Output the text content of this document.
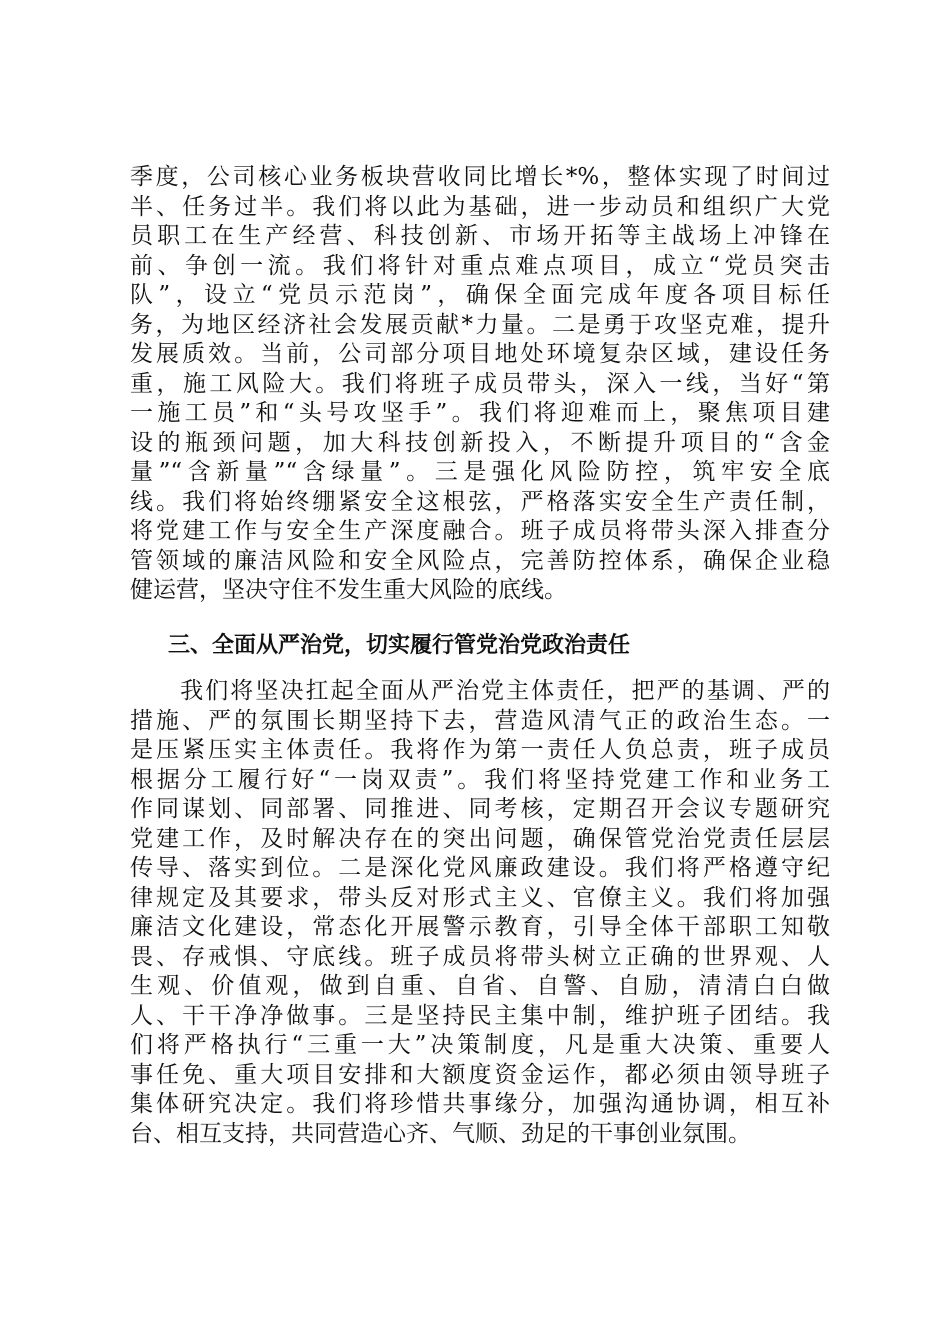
季度，公司核心业务板块营收同比增长*%，整体实现了时间过
半、任务过半。我们将以此为基础，进一步动员和组织广大党
员职工在生产经营、科技创新、市场开拓等主战场上冲锋在
前、争创一流。我们将针对重点难点项目，成立“党员突击
队”，设立“党员示范岗”，确保全面完成年度各项目标任
务，为地区经济社会发展贡献*力量。二是勇于攻坚克难，提升
发展质效。当前，公司部分项目地处环境复杂区域，建设任务
重，施工风险大。我们将班子成员带头，深入一线，当好“第
一施工员”和“头号攻坚手”。我们将迎难而上，聚焦项目建
设的瓶颈问题，加大科技创新投入，不断提升项目的“含金
量”“含新量”“含绿量”。三是强化风险防控，筑牢安全底
线。我们将始终绷紧安全这根弦，严格落实安全生产责任制，
将党建工作与安全生产深度融合。班子成员将带头深入排查分
管领域的廉洁风险和安全风险点，完善防控体系，确保企业稳
健运营，坚决守住不发生重大风险的底线。
三、全面从严治党，切实履行管党治党政治责任
　　我们将坚决扛起全面从严治党主体责任，把严的基调、严的
措施、严的氛围长期坚持下去，营造风清气正的政治生态。一
是压紧压实主体责任。我将作为第一责任人负总责，班子成员
根据分工履行好“一岗双责”。我们将坚持党建工作和业务工
作同谋划、同部署、同推进、同考核，定期召开会议专题研究
党建工作，及时解决存在的突出问题，确保管党治党责任层层
传导、落实到位。二是深化党风廉政建设。我们将严格遵守纪
律规定及其要求，带头反对形式主义、官僚主义。我们将加强
廉洁文化建设，常态化开展警示教育，引导全体干部职工知敬
畏、存戒惧、守底线。班子成员将带头树立正确的世界观、人
生观、价值观，做到自重、自省、自警、自励，清清白白做
人、干干净净做事。三是坚持民主集中制，维护班子团结。我
们将严格执行“三重一大”决策制度，凡是重大决策、重要人
事任免、重大项目安排和大额度资金运作，都必须由领导班子
集体研究决定。我们将珍惜共事缘分，加强沟通协调，相互补
台、相互支持，共同营造心齐、气顺、劲足的干事创业氛围。
